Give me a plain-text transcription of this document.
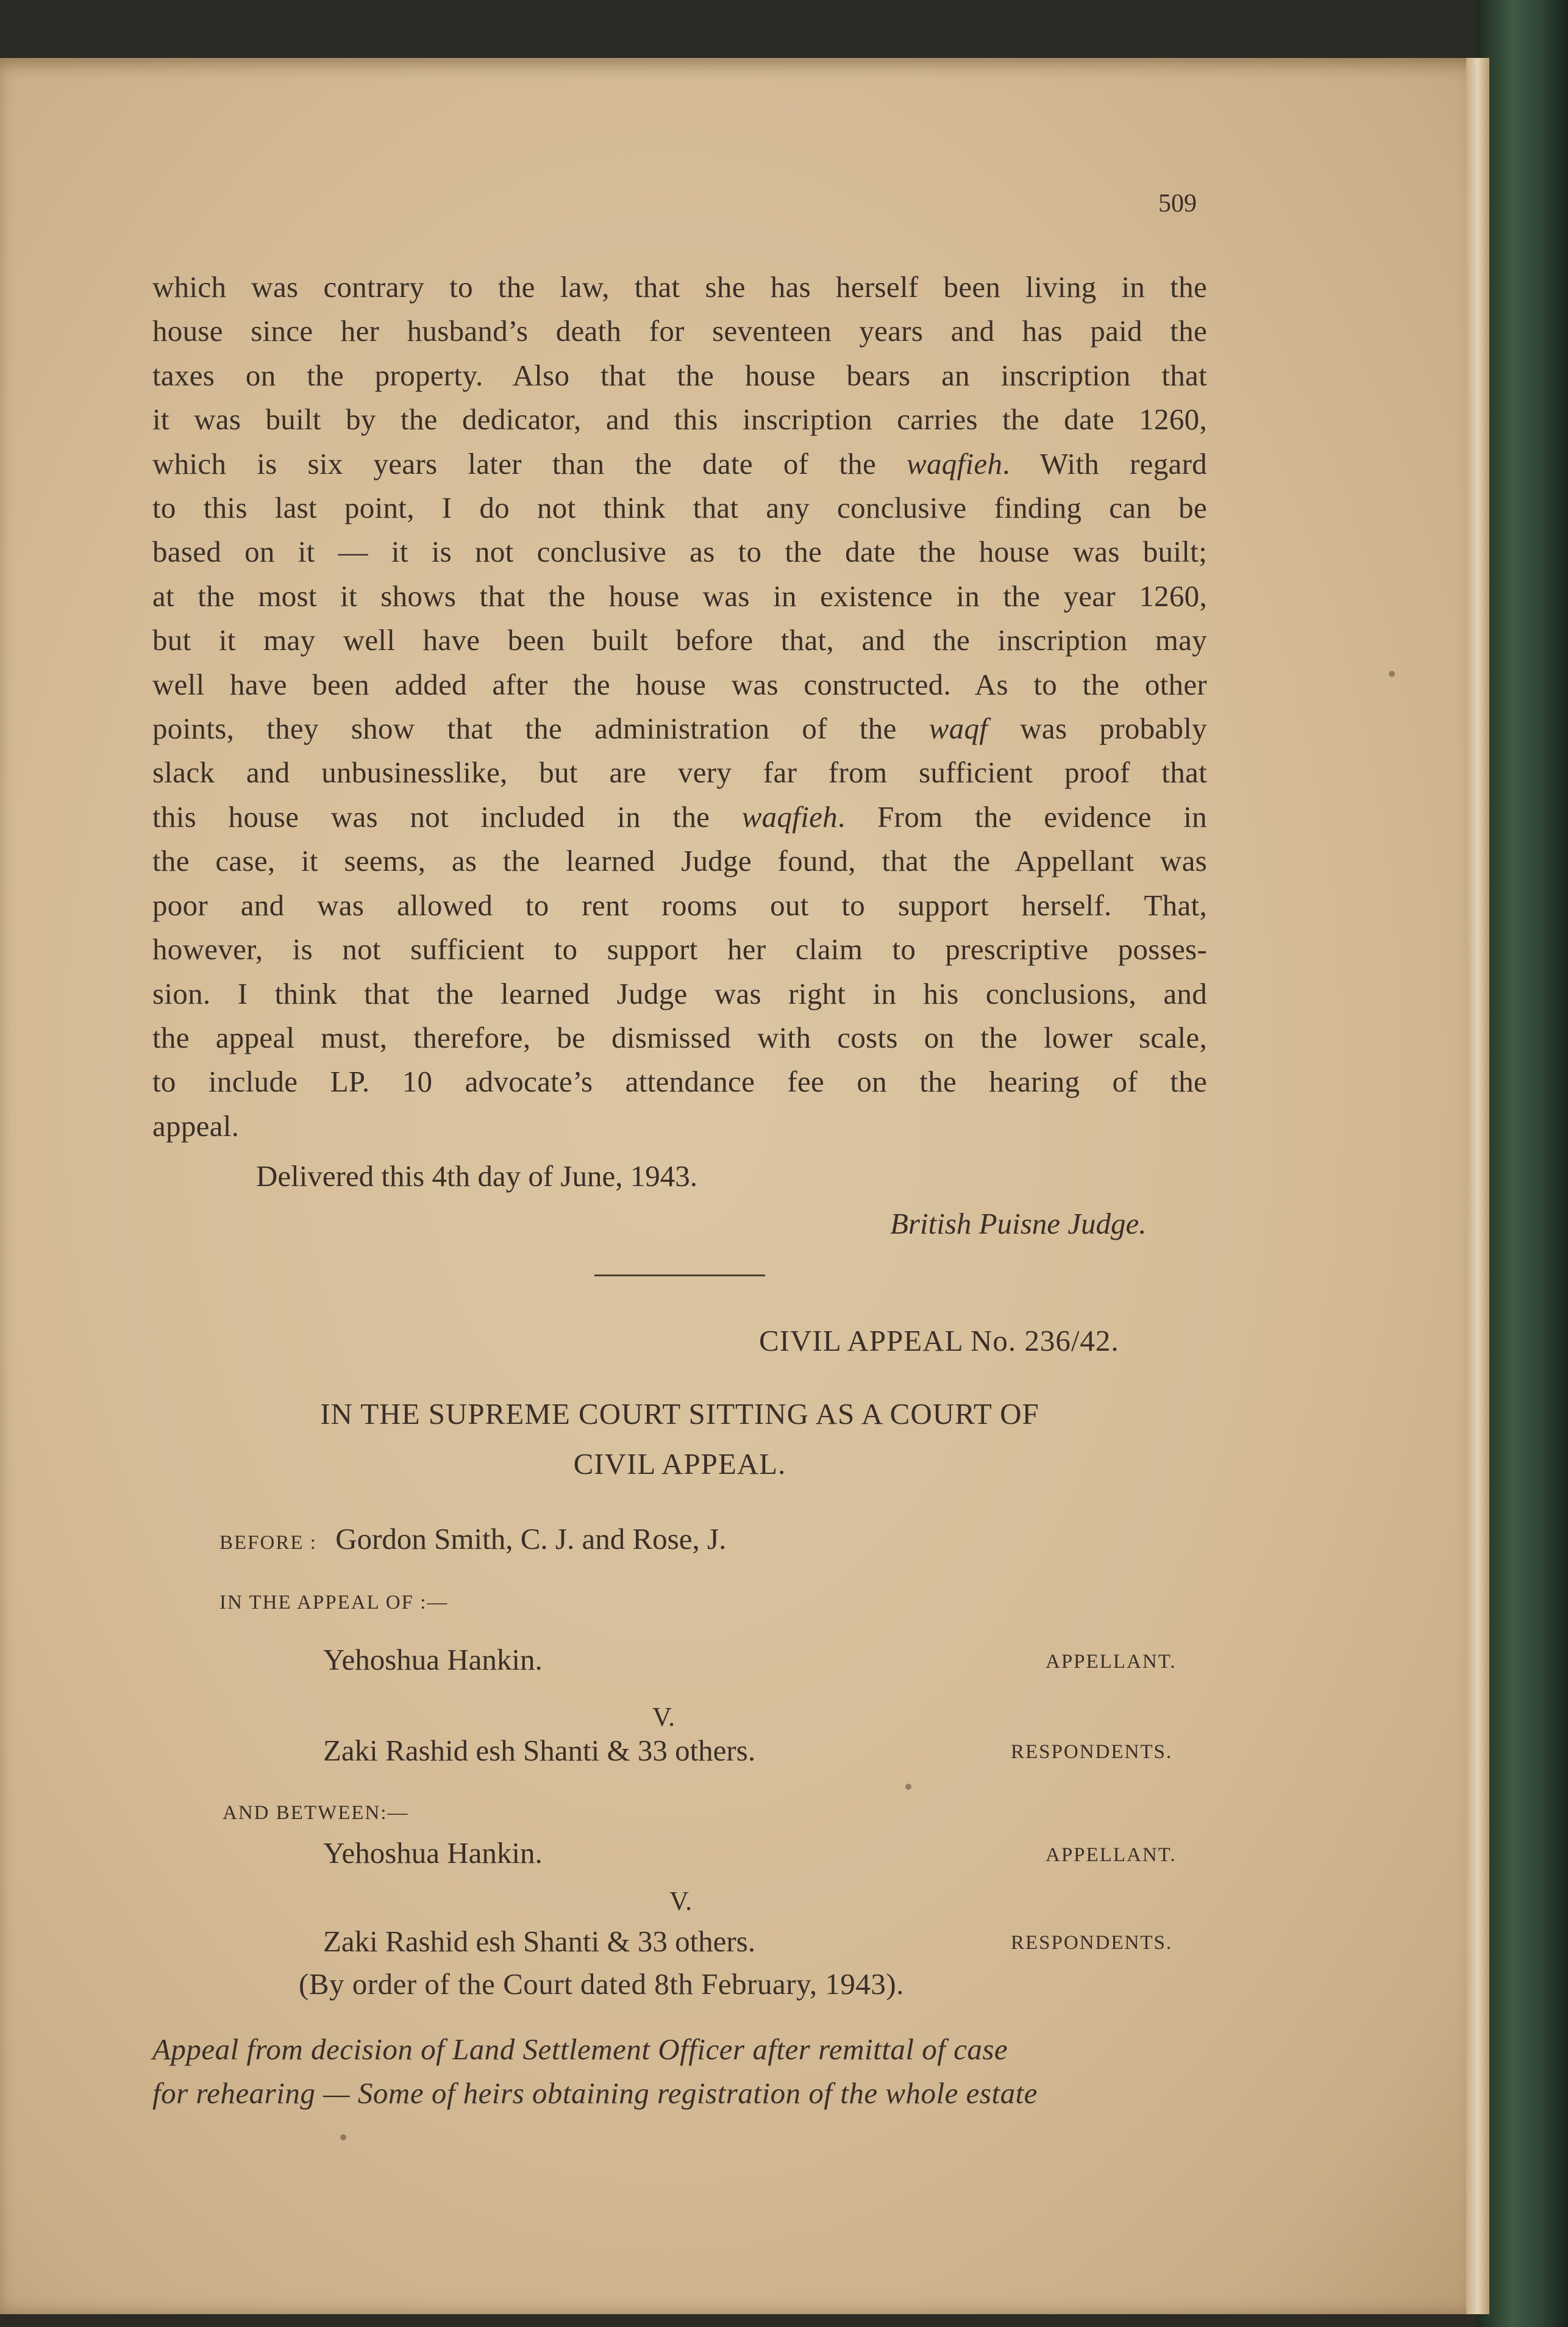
509

which was contrary to the law, that she has herself been living in the

house since her husband’s death for seventeen years and has paid the

taxes on the property. Also that the house bears an inscription that

it was built by the dedicator, and this inscription carries the date 1260,

which is six years later than the date of the waqfieh. With regard

to this last point, I do not think that any conclusive finding can be

based on it — it is not conclusive as to the date the house was built;

at the most it shows that the house was in existence in the year 1260,

but it may well have been built before that, and the inscription may

well have been added after the house was constructed. As to the other

points, they show that the administration of the waqf was probably

slack and unbusinesslike, but are very far from sufficient proof that

this house was not included in the waqfieh. From the evidence in

the case, it seems, as the learned Judge found, that the Appellant was

poor and was allowed to rent rooms out to support herself. That,

however, is not sufficient to support her claim to prescriptive posses-

sion. I think that the learned Judge was right in his conclusions, and

the appeal must, therefore, be dismissed with costs on the lower scale,

to include LP. 10 advocate’s attendance fee on the hearing of the

appeal.

Delivered this 4th day of June, 1943.
British Puisne Judge.
CIVIL APPEAL No. 236/42.
IN THE SUPREME COURT SITTING AS A COURT OF
CIVIL APPEAL.
BEFORE : Gordon Smith, C. J. and Rose, J.
IN THE APPEAL OF :—
Yehoshua Hankin.	APPELLANT.
V.
Zaki Rashid esh Shanti & 33 others.	RESPONDENTS.
AND BETWEEN:—
Yehoshua Hankin.	APPELLANT.
V.
Zaki Rashid esh Shanti & 33 others.	RESPONDENTS.
(By order of the Court dated 8th February, 1943).
Appeal from decision of Land Settlement Officer after remittal of case
for rehearing — Some of heirs obtaining registration of the whole estate
